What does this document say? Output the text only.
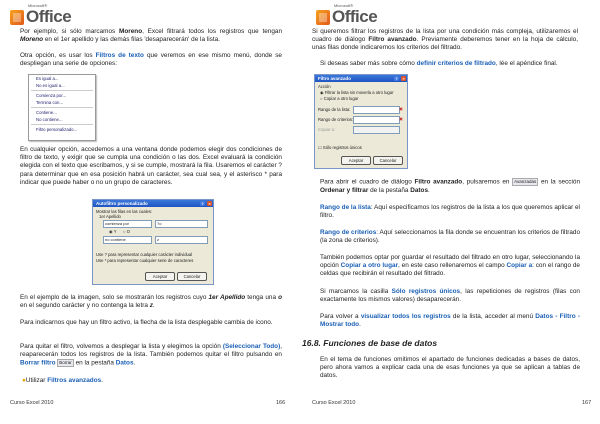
Microsoft®
Office

Por ejemplo, si sólo marcamos Moreno, Excel filtrará todos los registros que tengan Moreno en el 1er apellido y las demás filas 'desaparecerán' de la lista.

Otra opción, es usar los Filtros de texto que veremos en ese mismo menú, donde se despliegan una serie de opciones:

Es igual a...
No es igual a...
Comienza por...
Termina con...
Contiene...
No contiene...
Filtro personalizado...

En cualquier opción, accedemos a una ventana donde podemos elegir dos condiciones de filtro de texto, y exigir que se cumpla una condición o las dos. Excel evaluará la condición elegida con el texto que escribamos, y si se cumple, mostrará la fila. Usaremos el carácter ? para determinar que en esa posición habrá un carácter, sea cual sea, y el asterisco * para indicar que puede haber o no un grupo de caracteres.

Autofiltro personalizado	?	×
Mostrar las filas en las cuales:
1er Apellido
comienza por	?o
◉ Y ○ O
no contiene	z
Use ? para representar cualquier carácter individual
Use * para representar cualquier serie de caracteres
Aceptar	Cancelar

En el ejemplo de la imagen, solo se mostrarán los registros cuyo 1er Apellido tenga una o en el segundo carácter y no contenga la letra z.

Para indicarnos que hay un filtro activo, la flecha de la lista desplegable cambia de icono.

Para quitar el filtro, volvemos a desplegar la lista y elegimos la opción (Seleccionar Todo), reaparecerán todos los registros de la lista. También podemos quitar el filtro pulsando en Borrar filtro Borrar en la pestaña Datos.

●Utilizar Filtros avanzados.

Curso Excel 2010	166
Microsoft®
Office

Si queremos filtrar los registros de la lista por una condición más compleja, utilizaremos el cuadro de diálogo Filtro avanzado. Previamente deberemos tener en la hoja de cálculo, unas filas donde indicaremos los criterios del filtrado.

Si deseas saber más sobre cómo definir criterios de filtrado, lée el apéndice final.

Filtro avanzado	?	×
Acción
◉ Filtrar la lista sin moverla a otro lugar
○ Copiar a otro lugar
Rango de la lista:	▣
Rango de criterios:	▣
Copiar a:
☐ Sólo registros únicos
Aceptar	Cancelar

Para abrir el cuadro de diálogo Filtro avanzado, pulsaremos en Avanzadas en la sección Ordenar y filtrar de la pestaña Datos.

Rango de la lista: Aquí especificamos los registros de la lista a los que queremos aplicar el filtro.

Rango de criterios: Aquí seleccionamos la fila donde se encuentran los criterios de filtrado (la zona de criterios).

También podemos optar por guardar el resultado del filtrado en otro lugar, seleccionando la opción Copiar a otro lugar, en este caso rellenaremos el campo Copiar a: con el rango de celdas que recibirán el resultado del filtrado.

Si marcamos la casilla Sólo registros únicos, las repeticiones de registros (filas con exactamente los mismos valores) desaparecerán.

Para volver a visualizar todos los registros de la lista, acceder al menú Datos - Filtro - Mostrar todo.

16.8. Funciones de base de datos

En el tema de funciones omitimos el apartado de funciones dedicadas a bases de datos, pero ahora vamos a explicar cada una de esas funciones ya que se aplican a tablas de datos.

Curso Excel 2010	167
